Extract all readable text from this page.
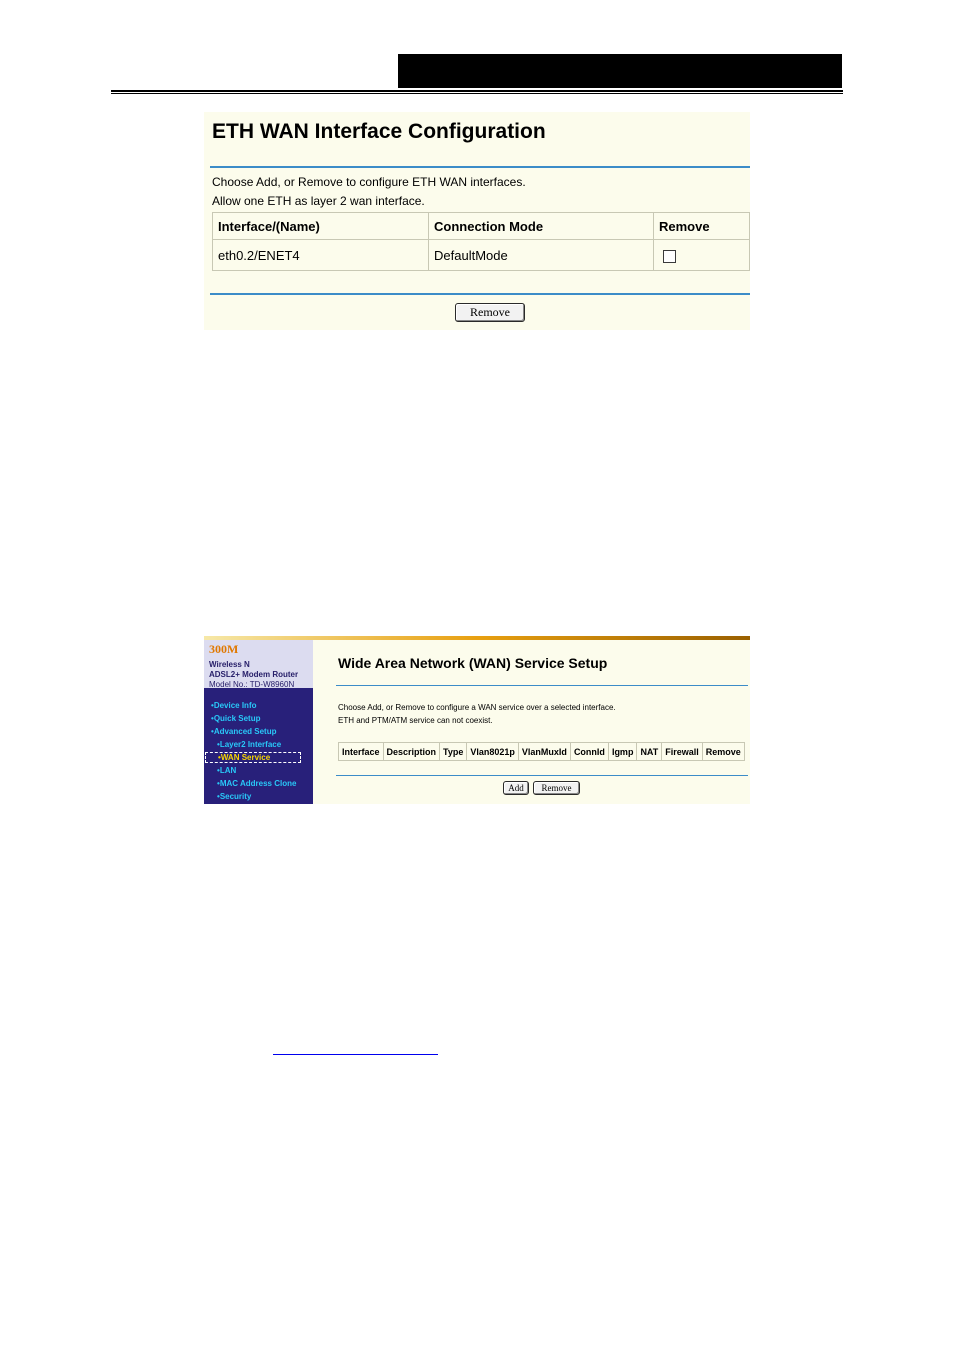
ETH WAN Interface Configuration
Choose Add, or Remove to configure ETH WAN interfaces.
Allow one ETH as layer 2 wan interface.
Interface/(Name)	Connection Mode	Remove
eth0.2/ENET4	DefaultMode	
Remove
300M
Wireless N
ADSL2+ Modem Router
Model No.: TD-W8960N
•Device Info
•Quick Setup
•Advanced Setup
•Layer2 Interface
•WAN Service
•LAN
•MAC Address Clone
•Security
Wide Area Network (WAN) Service Setup
Choose Add, or Remove to configure a WAN service over a selected interface.
ETH and PTM/ATM service can not coexist.
Interface	Description	Type	Vlan8021p	VlanMuxId	ConnId	Igmp	NAT	Firewall	Remove
Add	Remove
